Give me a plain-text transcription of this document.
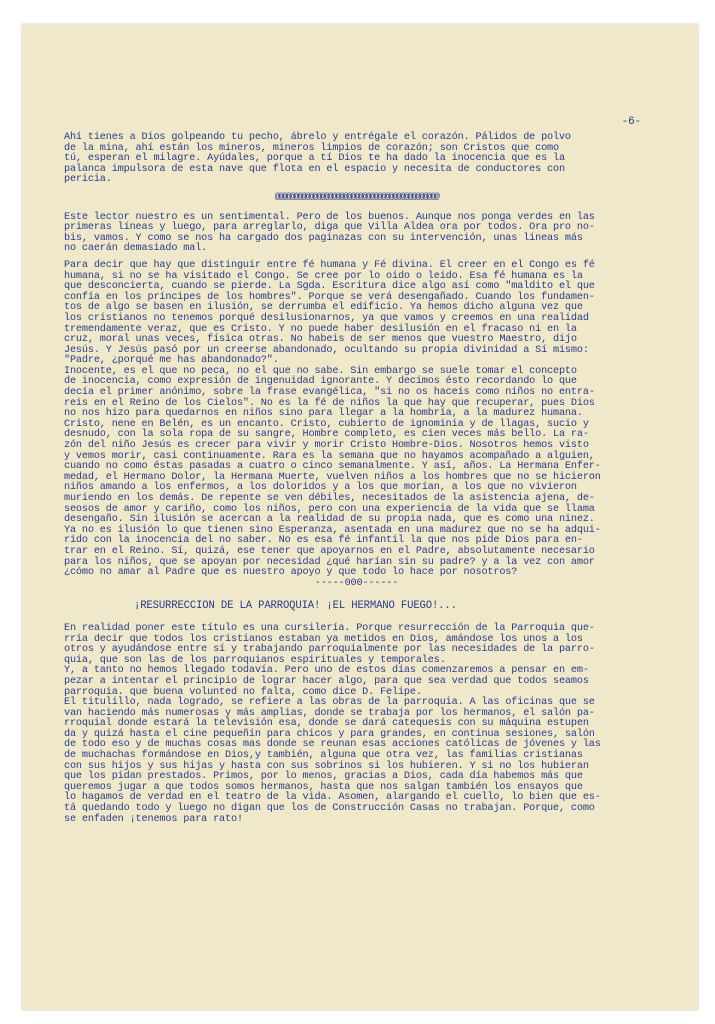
-6-

Ahí tienes a Dios golpeando tu pecho, ábrelo y entrégale el corazón. Pálidos de polvo

de la mina, ahí están los mineros, mineros limpios de corazón; son Cristos que como

tú, esperan el milagre. Ayúdales, porque a tí Dios te ha dado la inocencia que es la

palanca impulsora de esta nave que flota en el espacio y necesita de conductores con

pericia.

@@@@@@@@@@@@@@@@@@@@@@@@@@@@@@@@@@@@@@@@@@@

Este lector nuestro es un sentimental. Pero de los buenos. Aunque nos ponga verdes en las

primeras líneas y luego, para arreglarlo, diga que Villa Aldea ora por todos. Ora pro no-

bis, vamos. Y como se nos ha cargado dos paginazas con su intervención, unas lineas más

no caerán demasiado mal.

Para decir que hay que distinguir entre fé humana y Fé divina. El creer en el Congo es fé

humana, si no se ha visitado el Congo. Se cree por lo oido o leido. Esa fé humana es la

que desconcierta, cuando se pierde. La Sgda. Escritura dice algo así como "maldito el que

confía en los príncipes de los hombres". Porque se verá desengañado. Cuando los fundamen-

tos de algo se basen en ilusión, se derrumba el edificio. Ya hemos dicho alguna vez que

los cristianos no tenemos porqué desilusionarnos, ya que vamos y creemos en una realidad

tremendamente veraz, que es Cristo. Y no puede haber desilusión en el fracaso ni en la

cruz, moral unas veces, física otras. No habeis de ser menos que vuestro Maestro, dijo

Jesús. Y Jesús pasó por un creerse abandonado, ocultando su propia divinidad a Sí mismo:

"Padre, ¿porqué me has abandonado?".

Inocente, es el que no peca, no el que no sabe. Sin embargo se suele tomar el concepto

de inocencia, como expresión de ingenuidad ignorante. Y decimos ésto recordando lo que

decía el primer anónimo, sobre la frase evangélica, "si no os haceis como niños no entra-

reis en el Reino de los Cielos". No es la fé de niños la que hay que recuperar, pues Dios

no nos hizo para quedarnos en niños sino para llegar a la hombría, a la madurez humana.

Cristo, nene en Belén, es un encanto. Cristo, cubierto de ignominia y de llagas, sucio y

desnudo, con la sola ropa de su sangre, Hombre completo, es cien veces más bello. La ra-

zón del niño Jesús es crecer para vivir y morir Cristo Hombre-Dios. Nosotros hemos visto

y vemos morir, casi continuamente. Rara es la semana que no hayamos acompañado a alguien,

cuando no como éstas pasadas a cuatro o cinco semanalmente. Y así, años. La Hermana Enfer-

medad, el Hermano Dolor, la Hermana Muerte, vuelven niños a los hombres que no se hicieron

niños amando a los enfermos, a los doloridos y a los que morían, a los que no vivieron

muriendo en los demás. De repente se ven débiles, necesitados de la asistencia ajena, de-

seosos de amor y cariño, como los niños, pero con una experiencia de la vida que se llama

desengaño. Sin ilusión se acercan a la realidad de su propia nada, que es como una ninez.

Ya no es ilusión lo que tienen sino Esperanza, asentada en una madurez que no se ha adqui-

rido con la inocencia del no saber. No es esa fé infantil la que nos pide Dios para en-

trar en el Reino. Sí, quizá, ese tener que apoyarnos en el Padre, absolutamente necesario

para los niños, que se apoyan por necesidad ¿qué harían sin su padre? y a la vez con amor

¿cómo no amar al Padre que es nuestro apoyo y que todo lo hace por nosotros?

-----000------

¡RESURRECCION DE LA PARROQUIA! ¡EL HERMANO FUEGO!...

En realidad poner este título es una cursilería. Porque resurrección de la Parroquia que-

rría decir que todos los cristianos estaban ya metidos en Dios, amándose los unos a los

otros y ayudándose entre sí y trabajando parroquialmente por las necesidades de la parro-

quia, que son las de los parroquianos espirituales y temporales.

Y, a tanto no hemos llegado todavía. Pero uno de estos días comenzaremos a pensar en em-

pezar a intentar el principio de lograr hacer algo, para que sea verdad que todos seamos

parroquia. que buena volunted no falta, como dice D. Felipe.

El titulillo, nada logrado, se refiere a las obras de la parroquia. A las oficinas que se

van haciendo más numerosas y más amplias, donde se trabaja por los hermanos, el salón pa-

rroquial donde estará la televisión esa, donde se dará catequesis con su máquina estupen

da y quizá hasta el cine pequeñín para chicos y para grandes, en continua sesiones, salón

de todo eso y de muchas cosas mas donde se reunan esas acciones católicas de jóvenes y las

de muchachas formándose en Dios,y también, alguna que otra vez, las familias cristianas

con sus hijos y sus hijas y hasta con sus sobrinos si los hubieren. Y si no los hubieran

que los pidan prestados. Primos, por lo menos, gracias a Dios, cada día habemos más que

queremos jugar a que todos somos hermanos, hasta que nos salgan también los ensayos que

lo hagamos de verdad en el teatro de la vida. Asomen, alargando el cuello, lo bien que es-

tá quedando todo y luego no digan que los de Construcción Casas no trabajan. Porque, como

se enfaden ¡tenemos para rato!
